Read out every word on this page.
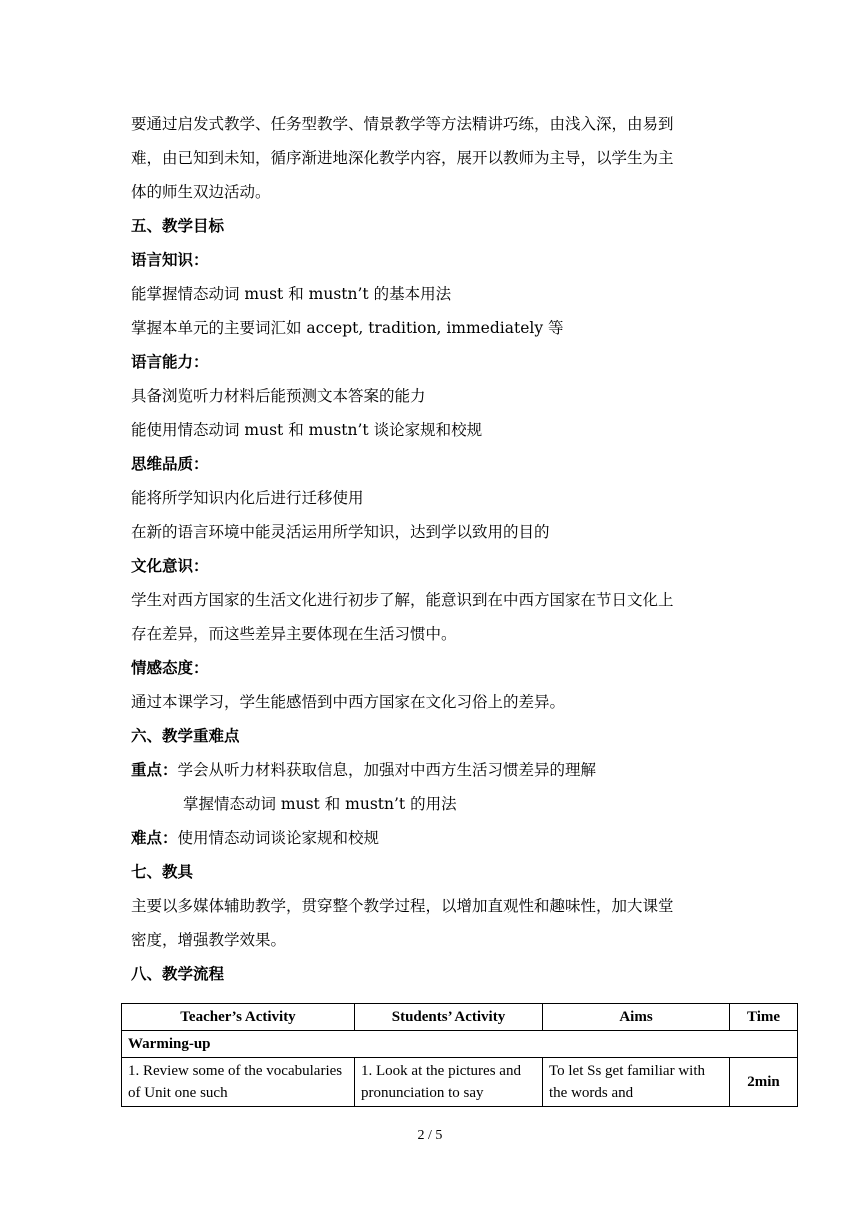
要通过启发式教学、任务型教学、情景教学等方法精讲巧练，由浅入深，由易到
难，由已知到未知，循序渐进地深化教学内容，展开以教师为主导，以学生为主
体的师生双边活动。
五、教学目标
语言知识：
能掌握情态动词 must 和 mustn’t 的基本用法
掌握本单元的主要词汇如 accept, tradition, immediately 等
语言能力：
具备浏览听力材料后能预测文本答案的能力
能使用情态动词 must 和 mustn’t 谈论家规和校规
思维品质：
能将所学知识内化后进行迁移使用
在新的语言环境中能灵活运用所学知识，达到学以致用的目的
文化意识：
学生对西方国家的生活文化进行初步了解，能意识到在中西方国家在节日文化上
存在差异，而这些差异主要体现在生活习惯中。
情感态度：
通过本课学习，学生能感悟到中西方国家在文化习俗上的差异。
六、教学重难点
重点：学会从听力材料获取信息，加强对中西方生活习惯差异的理解
掌握情态动词 must 和 mustn’t 的用法
难点：使用情态动词谈论家规和校规
七、教具
主要以多媒体辅助教学，贯穿整个教学过程，以增加直观性和趣味性，加大课堂
密度，增强教学效果。
八、教学流程
Teacher’s Activity	Students’ Activity	Aims	Time
Warming-up			

1. Review some of the vocabularies of Unit one such	1. Look at the pictures and pronunciation to say	To let Ss get familiar with the words and	2min
2 / 5
